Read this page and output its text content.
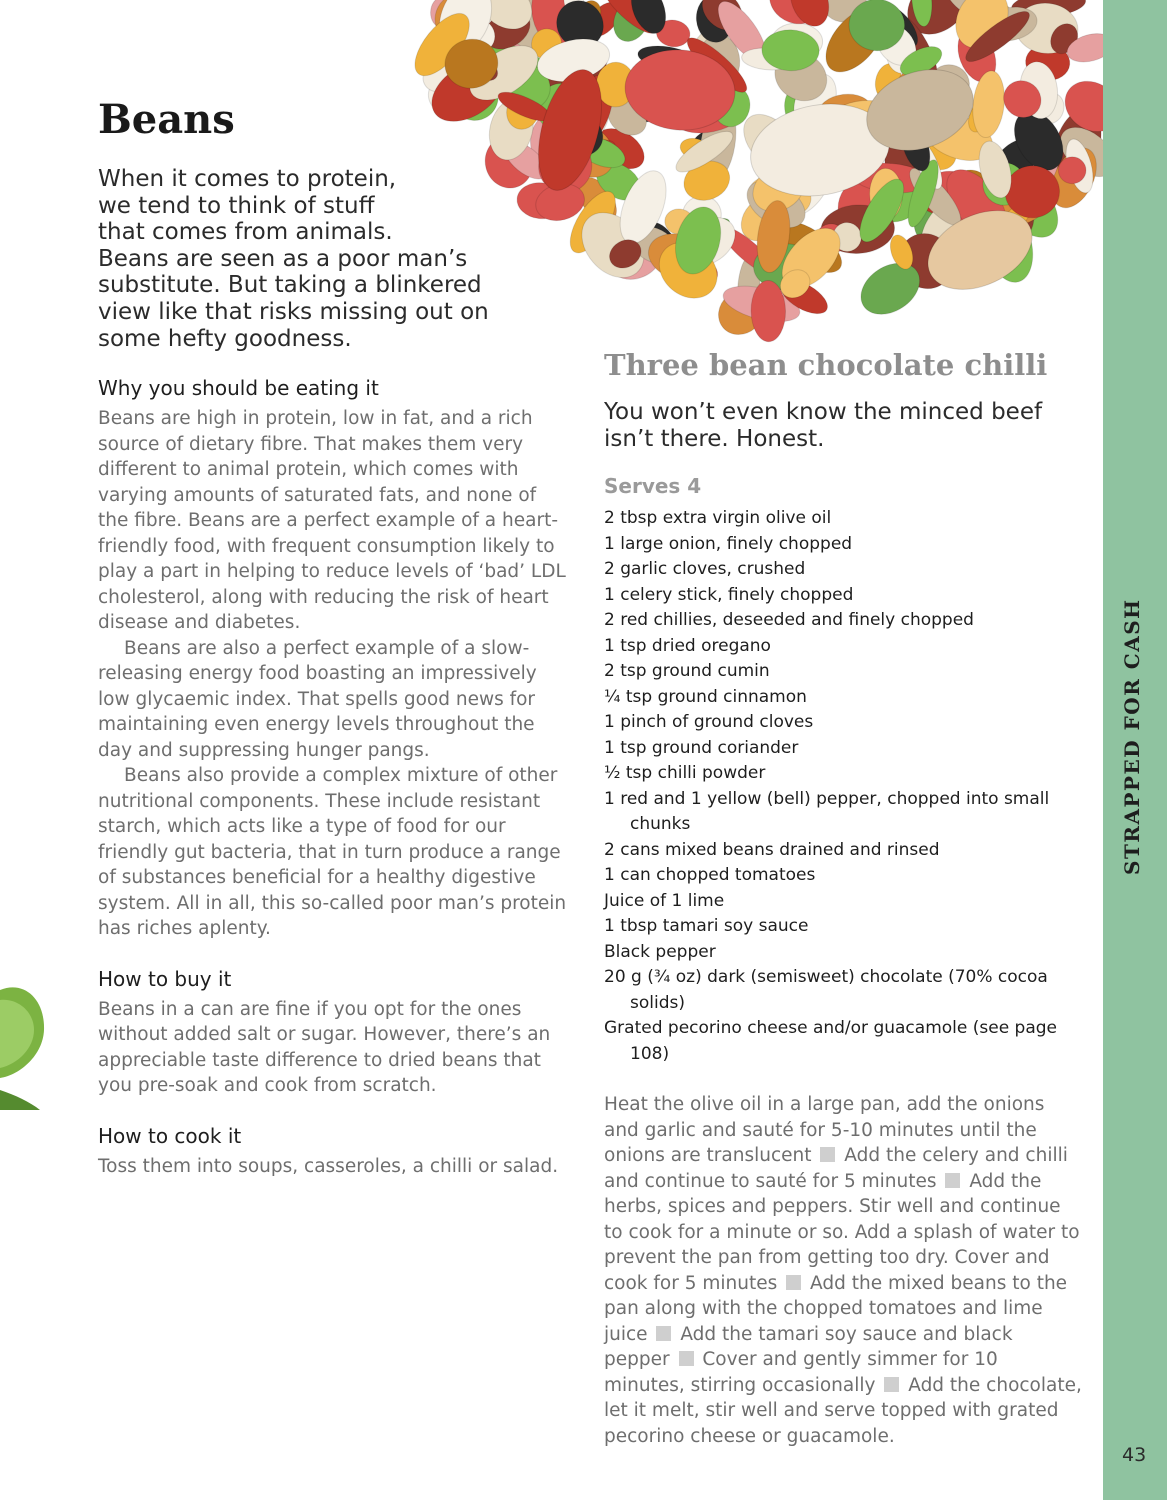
STRAPPED FOR CASH
43
Beans
When it comes to protein,
we tend to think of stuff
that comes from animals.
Beans are seen as a poor man’s
substitute. But taking a blinkered
view like that risks missing out on
some hefty goodness.
Why you should be eating it

Beans are high in protein, low in fat, and a rich source of dietary fibre. That makes them very different to animal protein, which comes with varying amounts of saturated fats, and none of the fibre. Beans are a perfect example of a heart-friendly food, with frequent consumption likely to play a part in helping to reduce levels of ‘bad’ LDL cholesterol, along with reducing the risk of heart disease and diabetes.

Beans are also a perfect example of a slow-releasing energy food boasting an impressively low glycaemic index. That spells good news for maintaining even energy levels throughout the day and suppressing hunger pangs.

Beans also provide a complex mixture of other nutritional components. These include resistant starch, which acts like a type of food for our friendly gut bacteria, that in turn produce a range of substances beneficial for a healthy digestive system. All in all, this so-called poor man’s protein has riches aplenty.

How to buy it

Beans in a can are fine if you opt for the ones without added salt or sugar. However, there’s an appreciable taste difference to dried beans that you pre-soak and cook from scratch.

How to cook it

Toss them into soups, casseroles, a chilli or salad.

Three bean chocolate chilli

You won’t even know the minced beef isn’t there. Honest.

Serves 4
2 tbsp extra virgin olive oil
1 large onion, finely chopped
2 garlic cloves, crushed
1 celery stick, finely chopped
2 red chillies, deseeded and finely chopped
1 tsp dried oregano
2 tsp ground cumin
¼ tsp ground cinnamon
1 pinch of ground cloves
1 tsp ground coriander
½ tsp chilli powder
1 red and 1 yellow (bell) pepper, chopped into small chunks
2 cans mixed beans drained and rinsed
1 can chopped tomatoes
Juice of 1 lime
1 tbsp tamari soy sauce
Black pepper
20 g (¾ oz) dark (semisweet) chocolate (70% cocoa solids)
Grated pecorino cheese and/or guacamole (see page 108)

Heat the olive oil in a large pan, add the onions and garlic and sauté for 5-10 minutes until the onions are translucent Add the celery and chilli and continue to sauté for 5 minutes Add the herbs, spices and peppers. Stir well and continue to cook for a minute or so. Add a splash of water to prevent the pan from getting too dry. Cover and cook for 5 minutes Add the mixed beans to the pan along with the chopped tomatoes and lime juice Add the tamari soy sauce and black pepper Cover and gently simmer for 10 minutes, stirring occasionally Add the chocolate, let it melt, stir well and serve topped with grated pecorino cheese or guacamole.
